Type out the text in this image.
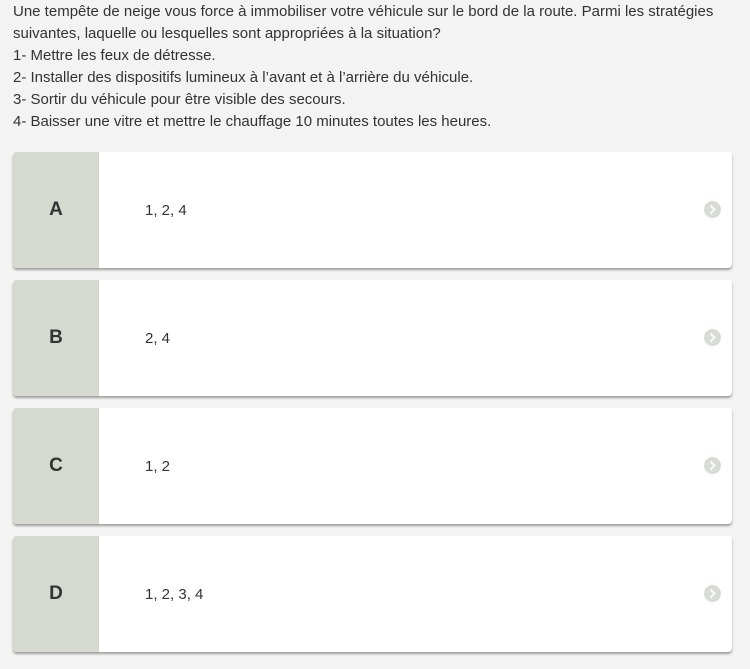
Une tempête de neige vous force à immobiliser votre véhicule sur le bord de la route. Parmi les stratégies suivantes, laquelle ou lesquelles sont appropriées à la situation?

1- Mettre les feux de détresse.

2- Installer des dispositifs lumineux à l’avant et à l’arrière du véhicule.

3- Sortir du véhicule pour être visible des secours.

4- Baisser une vitre et mettre le chauffage 10 minutes toutes les heures.

A	1, 2, 4
B	2, 4
C	1, 2
D	1, 2, 3, 4
